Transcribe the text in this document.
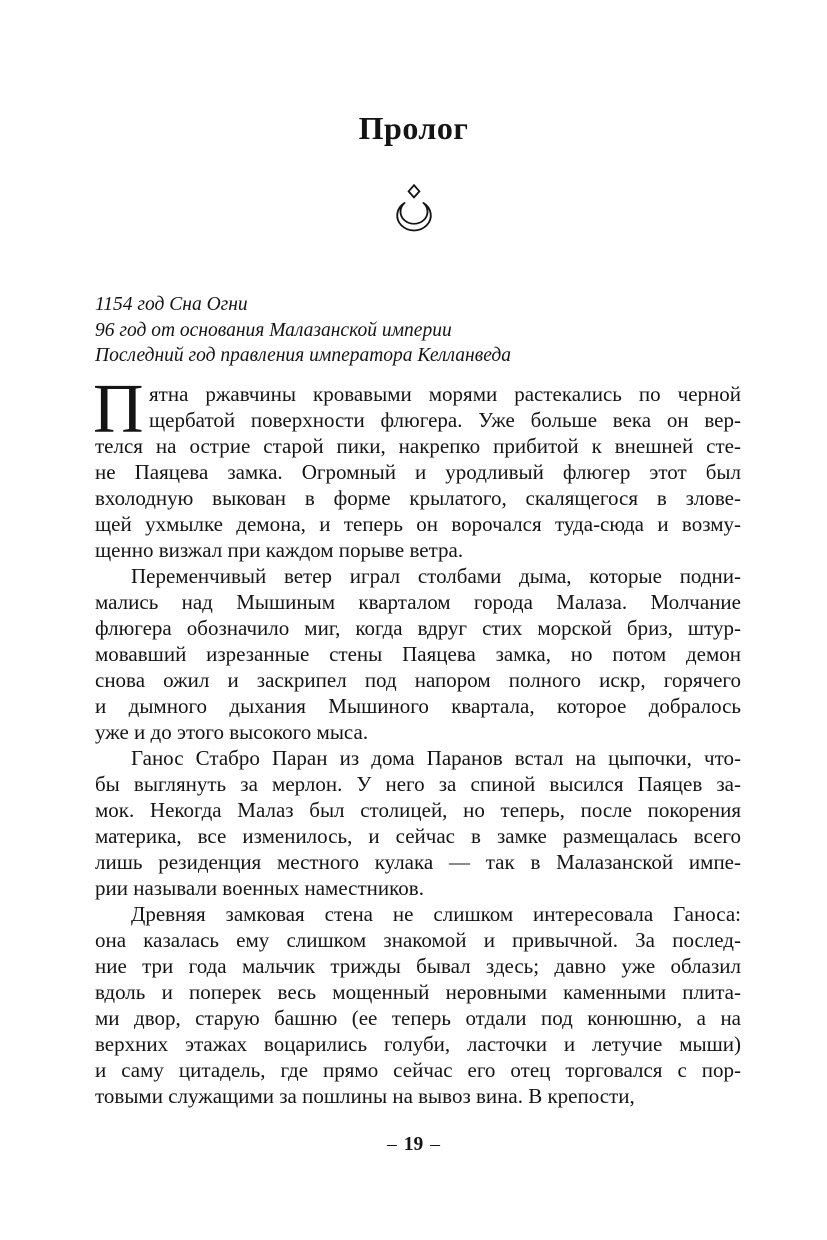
Пролог
1154 год Сна Огни
96 год от основания Малазанской империи
Последний год правления императора Келланведа
П ятна ржавчины кровавыми морями растекались по черной
щербатой поверхности флюгера. Уже больше века он вер-
телся на острие старой пики, накрепко прибитой к внешней сте-
не Паяцева замка. Огромный и уродливый флюгер этот был
вхолодную выкован в форме крылатого, скалящегося в злове-
щей ухмылке демона, и теперь он ворочался туда-сюда и возму-
щенно визжал при каждом порыве ветра.
Переменчивый ветер играл столбами дыма, которые подни-
мались над Мышиным кварталом города Малаза. Молчание
флюгера обозначило миг, когда вдруг стих морской бриз, штур-
мовавший изрезанные стены Паяцева замка, но потом демон
снова ожил и заскрипел под напором полного искр, горячего
и дымного дыхания Мышиного квартала, которое добралось
уже и до этого высокого мыса.
Ганос Стабро Паран из дома Паранов встал на цыпочки, что-
бы выглянуть за мерлон. У него за спиной высился Паяцев за-
мок. Некогда Малаз был столицей, но теперь, после покорения
материка, все изменилось, и сейчас в замке размещалась всего
лишь резиденция местного кулака — так в Малазанской импе-
рии называли военных наместников.
Древняя замковая стена не слишком интересовала Ганоса:
она казалась ему слишком знакомой и привычной. За послед-
ние три года мальчик трижды бывал здесь; давно уже облазил
вдоль и поперек весь мощенный неровными каменными плита-
ми двор, старую башню (ее теперь отдали под конюшню, а на
верхних этажах воцарились голуби, ласточки и летучие мыши)
и саму цитадель, где прямо сейчас его отец торговался с пор-
товыми служащими за пошлины на вывоз вина. В крепости,
– 19 –
